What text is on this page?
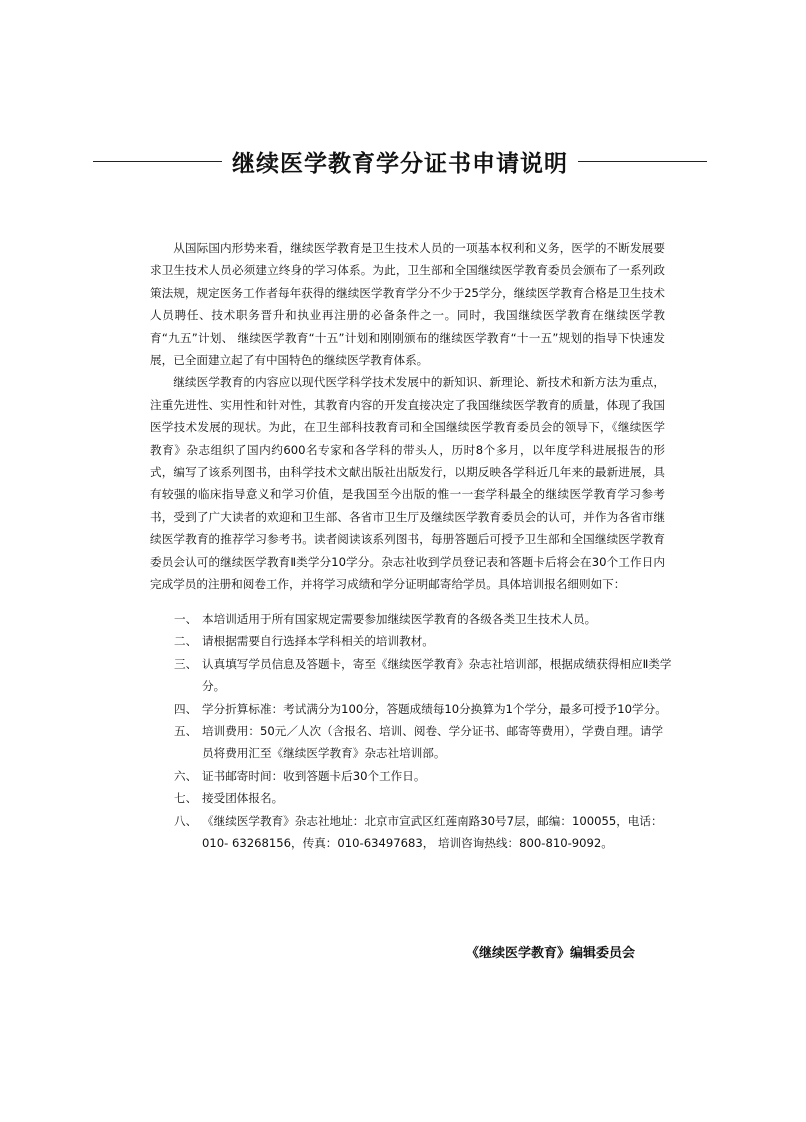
继续医学教育学分证书申请说明

从国际国内形势来看，继续医学教育是卫生技术人员的一项基本权利和义务，医学的不断发展要求卫生技术人员必须建立终身的学习体系。为此，卫生部和全国继续医学教育委员会颁布了一系列政策法规，规定医务工作者每年获得的继续医学教育学分不少于25学分，继续医学教育合格是卫生技术人员聘任、技术职务晋升和执业再注册的必备条件之一。同时，我国继续医学教育在继续医学教育“九五”计划、 继续医学教育“十五”计划和刚刚颁布的继续医学教育“十一五”规划的指导下快速发展，已全面建立起了有中国特色的继续医学教育体系。

继续医学教育的内容应以现代医学科学技术发展中的新知识、新理论、新技术和新方法为重点，注重先进性、实用性和针对性，其教育内容的开发直接决定了我国继续医学教育的质量，体现了我国医学技术发展的现状。为此，在卫生部科技教育司和全国继续医学教育委员会的领导下，《继续医学教育》杂志组织了国内约600名专家和各学科的带头人，历时8个多月，以年度学科进展报告的形式，编写了该系列图书，由科学技术文献出版社出版发行，以期反映各学科近几年来的最新进展，具有较强的临床指导意义和学习价值，是我国至今出版的惟一一套学科最全的继续医学教育学习参考书，受到了广大读者的欢迎和卫生部、各省市卫生厅及继续医学教育委员会的认可，并作为各省市继续医学教育的推荐学习参考书。读者阅读该系列图书，每册答题后可授予卫生部和全国继续医学教育委员会认可的继续医学教育Ⅱ类学分10学分。杂志社收到学员登记表和答题卡后将会在30个工作日内完成学员的注册和阅卷工作，并将学习成绩和学分证明邮寄给学员。具体培训报名细则如下：

一、 本培训适用于所有国家规定需要参加继续医学教育的各级各类卫生技术人员。
二、 请根据需要自行选择本学科相关的培训教材。
三、 认真填写学员信息及答题卡，寄至《继续医学教育》杂志社培训部，根据成绩获得相应Ⅱ类学分。
四、 学分折算标准：考试满分为100分，答题成绩每10分换算为1个学分，最多可授予10学分。
五、 培训费用：50元／人次（含报名、培训、阅卷、学分证书、邮寄等费用），学费自理。请学员将费用汇至《继续医学教育》杂志社培训部。
六、 证书邮寄时间：收到答题卡后30个工作日。
七、 接受团体报名。
八、 《继续医学教育》杂志社地址：北京市宣武区红莲南路30号7层，邮编：100055，电话：010- 63268156，传真：010-63497683， 培训咨询热线：800-810-9092。
《继续医学教育》编辑委员会
